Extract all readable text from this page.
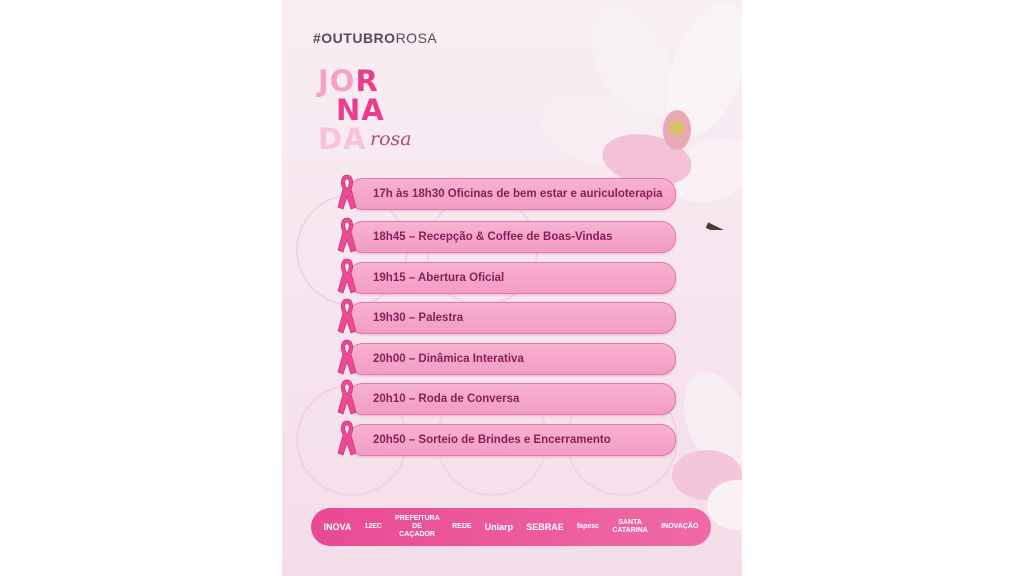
#OUTUBROROSA
JOR
NA
DA rosa
17h às 18h30 Oficinas de bem estar e auriculoterapia
18h45 – Recepção & Coffee de Boas-Vindas
19h15 – Abertura Oficial
19h30 – Palestra
20h00 – Dinâmica Interativa
20h10 – Roda de Conversa
20h50 – Sorteio de Brindes e Encerramento
INOVA 12EC
PREFEITURA DE CAÇADOR
REDE Uniarp SEBRAE fapesc
SANTA CATARINA
INOVAÇÃO
